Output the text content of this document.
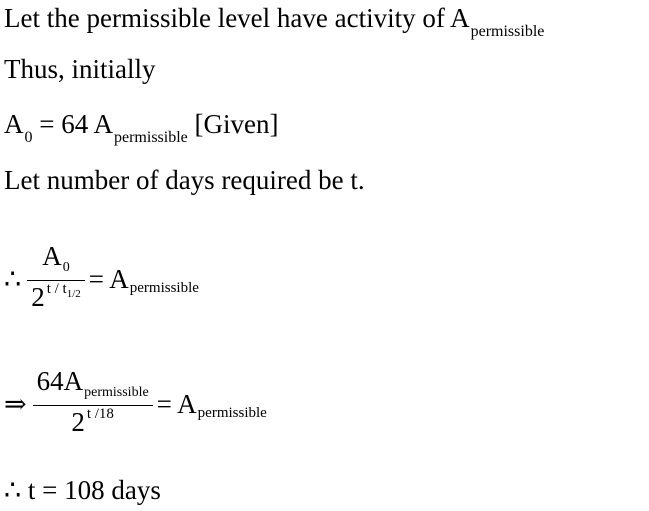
Let the permissible level have activity of $A_{permissible}$
Thus, initially
$A_0 = 64$ $A_{permissible}$ [Given]
Let number of days required be t.
∴ $\frac{A_0}{2 ^{t / t_{1/2}}} = A$ permissible
⇒ $\frac{64A_{permissible}}{2 ^{t /18}} = A$ permissible
∴ t = 108 days
